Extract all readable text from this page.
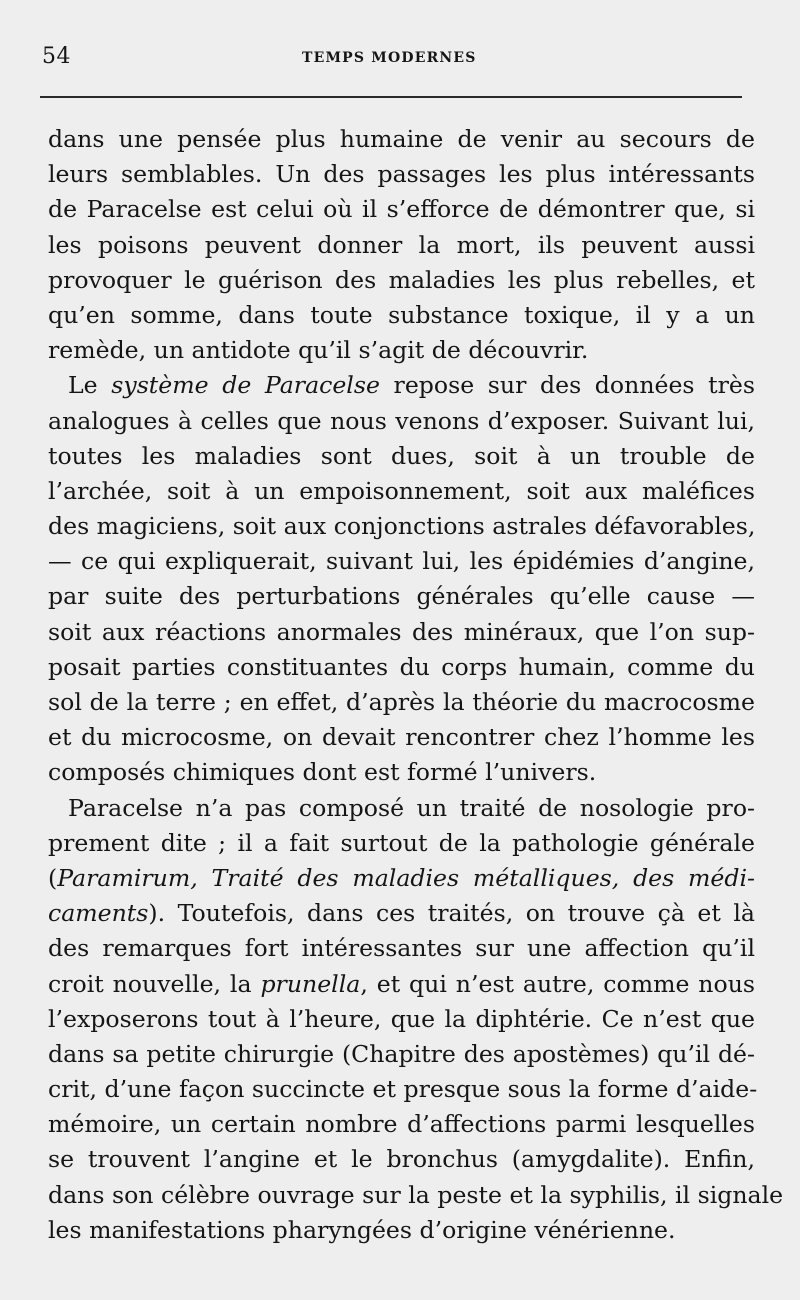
54	TEMPS MODERNES
dans une pensée plus humaine de venir au secours de
leurs semblables. Un des passages les plus intéressants
de Paracelse est celui où il s’efforce de démontrer que, si
les poisons peuvent donner la mort, ils peuvent aussi
provoquer le guérison des maladies les plus rebelles, et
qu’en somme, dans toute substance toxique, il y a un
remède, un antidote qu’il s’agit de découvrir.
Le système de Paracelse repose sur des données très
analogues à celles que nous venons d’exposer. Suivant lui,
toutes les maladies sont dues, soit à un trouble de
l’archée, soit à un empoisonnement, soit aux maléfices
des magiciens, soit aux conjonctions astrales défavorables,
— ce qui expliquerait, suivant lui, les épidémies d’angine,
par suite des perturbations générales qu’elle cause —
soit aux réactions anormales des minéraux, que l’on sup-
posait parties constituantes du corps humain, comme du
sol de la terre ; en effet, d’après la théorie du macrocosme
et du microcosme, on devait rencontrer chez l’homme les
composés chimiques dont est formé l’univers.
Paracelse n’a pas composé un traité de nosologie pro-
prement dite ; il a fait surtout de la pathologie générale
(Paramirum, Traité des maladies métalliques, des médi-
caments). Toutefois, dans ces traités, on trouve çà et là
des remarques fort intéressantes sur une affection qu’il
croit nouvelle, la prunella, et qui n’est autre, comme nous
l’exposerons tout à l’heure, que la diphtérie. Ce n’est que
dans sa petite chirurgie (Chapitre des apostèmes) qu’il dé-
crit, d’une façon succincte et presque sous la forme d’aide-
mémoire, un certain nombre d’affections parmi lesquelles
se trouvent l’angine et le bronchus (amygdalite). Enfin,
dans son célèbre ouvrage sur la peste et la syphilis, il signale
les manifestations pharyngées d’origine vénérienne.
